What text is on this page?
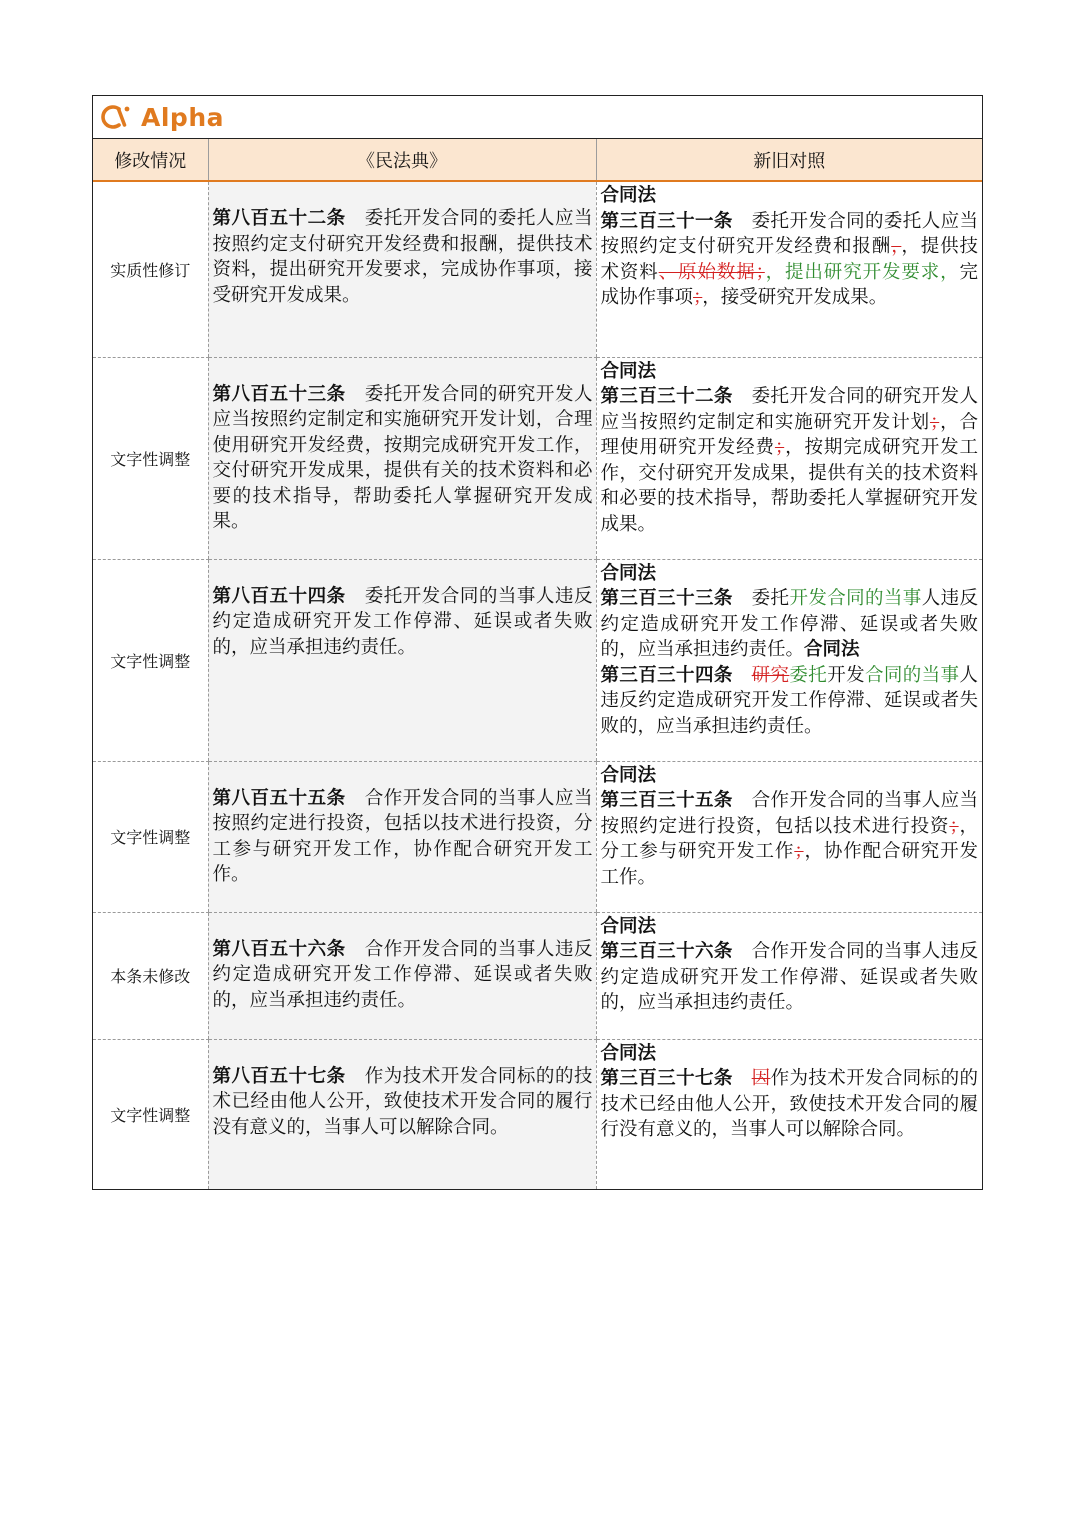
Alpha
修改情况	《民法典》	新旧对照
实质性修订	第八百五十二条　 委托开发合同的委托人应当按照约定支付研究开发经费和报酬，提供技术资料，提出研究开发要求，完成协作事项，接受研究开发成果。	合同法
第三百三十一条　委托开发合同的委托人应当按照约定支付研究开发经费和报酬，，提供技术资料、原始数据；，提出研究开发要求，完成协作事项；，接受研究开发成果。
文字性调整	第八百五十三条　 委托开发合同的研究开发人应当按照约定制定和实施研究开发计划，合理使用研究开发经费，按期完成研究开发工作，交付研究开发成果，提供有关的技术资料和必要的技术指导，帮助委托人掌握研究开发成果。	合同法
第三百三十二条　委托开发合同的研究开发人应当按照约定制定和实施研究开发计划；，合理使用研究开发经费；，按期完成研究开发工作，交付研究开发成果，提供有关的技术资料和必要的技术指导，帮助委托人掌握研究开发成果。
文字性调整	第八百五十四条　 委托开发合同的当事人违反约定造成研究开发工作停滞、延误或者失败的，应当承担违约责任。	合同法
第三百三十三条　委托开发合同的当事人违反约定造成研究开发工作停滞、延误或者失败的，应当承担违约责任。合同法
第三百三十四条　 研究委托开发合同的当事人违反约定造成研究开发工作停滞、延误或者失败的，应当承担违约责任。
文字性调整	第八百五十五条　 合作开发合同的当事人应当按照约定进行投资，包括以技术进行投资，分工参与研究开发工作，协作配合研究开发工作。	合同法
第三百三十五条　合作开发合同的当事人应当按照约定进行投资，包括以技术进行投资；，分工参与研究开发工作；，协作配合研究开发工作。
本条未修改	第八百五十六条　 合作开发合同的当事人违反约定造成研究开发工作停滞、延误或者失败的，应当承担违约责任。	合同法
第三百三十六条　合作开发合同的当事人违反约定造成研究开发工作停滞、延误或者失败的，应当承担违约责任。
文字性调整	第八百五十七条　 作为技术开发合同标的的技术已经由他人公开，致使技术开发合同的履行没有意义的，当事人可以解除合同。	合同法
第三百三十七条　 因作为技术开发合同标的的技术已经由他人公开，致使技术开发合同的履行没有意义的，当事人可以解除合同。
